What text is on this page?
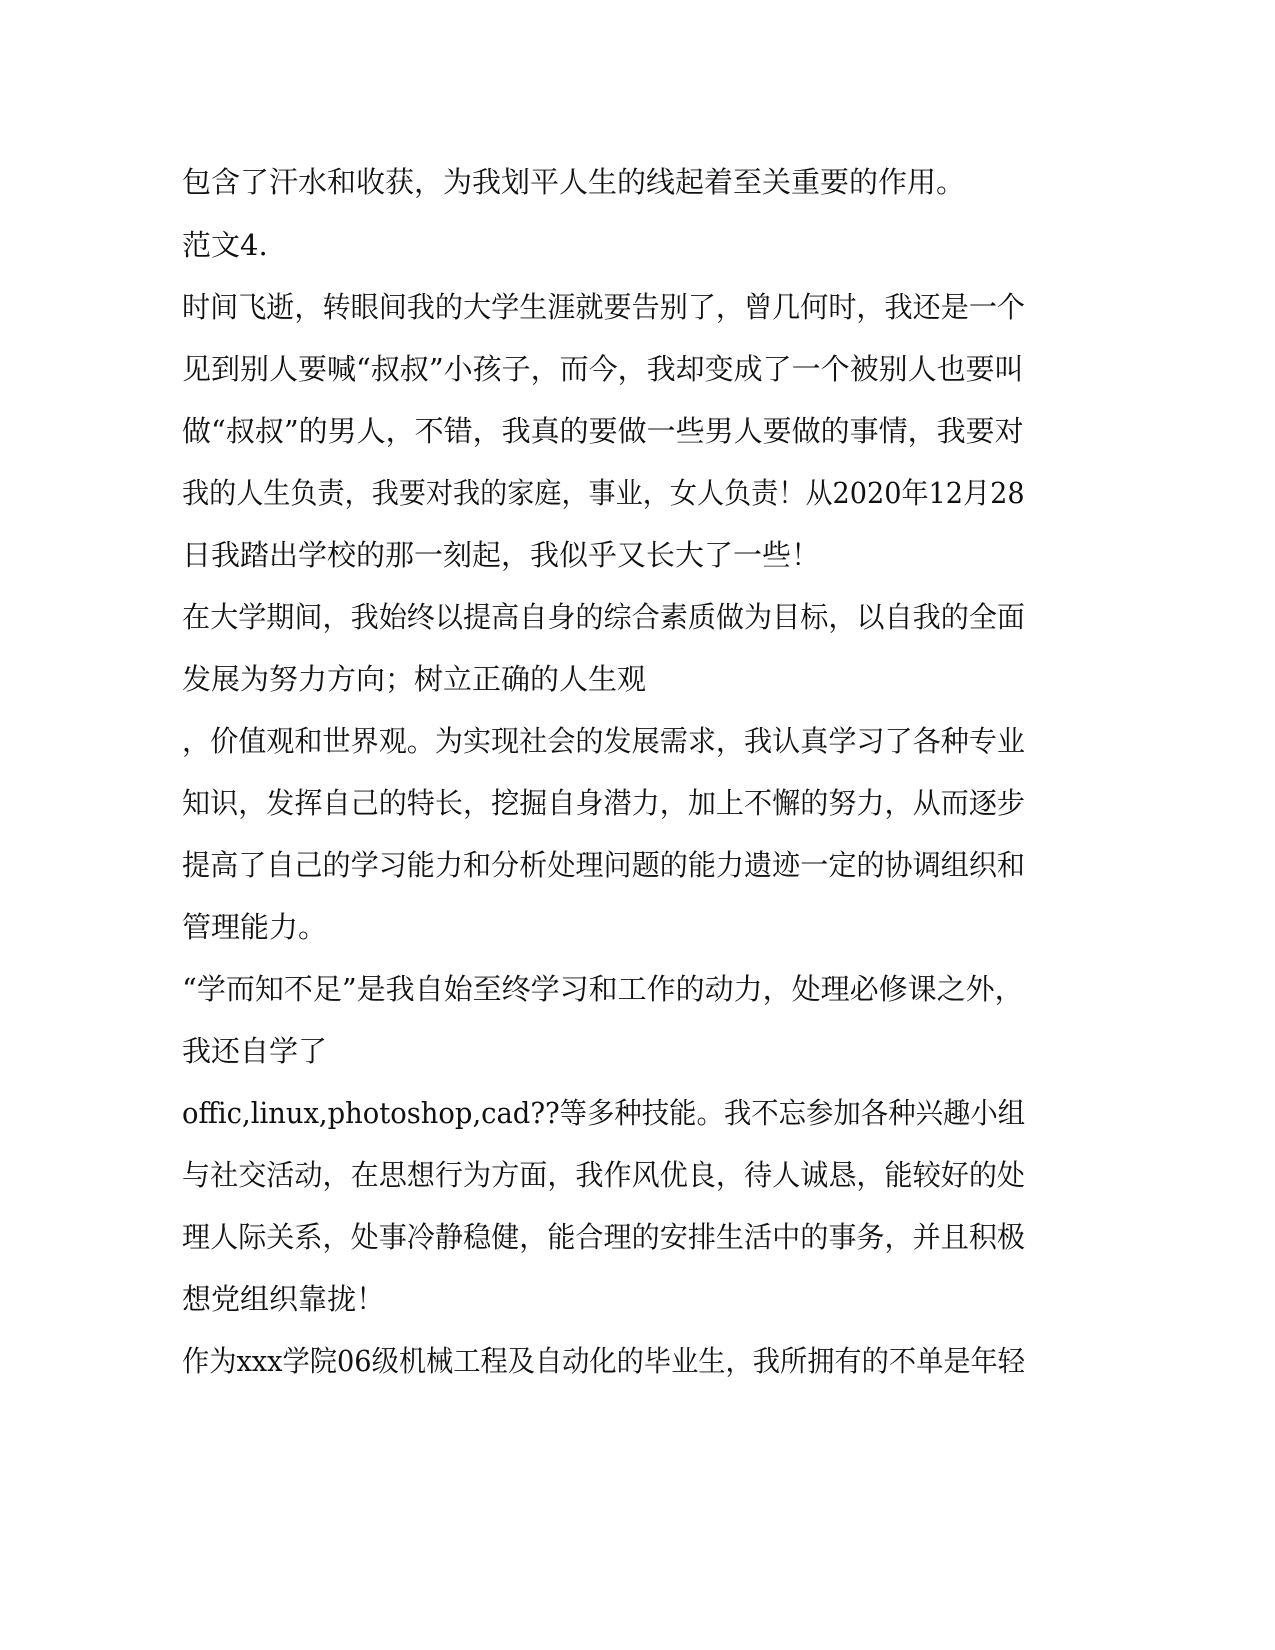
包含了汗水和收获，为我划平人生的线起着至关重要的作用。
范文4.
时间飞逝，转眼间我的大学生涯就要告别了，曾几何时，我还是一个
见到别人要喊“叔叔”小孩子，而今，我却变成了一个被别人也要叫
做“叔叔”的男人，不错，我真的要做一些男人要做的事情，我要对
我的人生负责，我要对我的家庭，事业，女人负责！从2020年12月28
日我踏出学校的那一刻起，我似乎又长大了一些！
在大学期间，我始终以提高自身的综合素质做为目标，以自我的全面
发展为努力方向；树立正确的人生观
，价值观和世界观。为实现社会的发展需求，我认真学习了各种专业
知识，发挥自己的特长，挖掘自身潜力，加上不懈的努力，从而逐步
提高了自己的学习能力和分析处理问题的能力遗迹一定的协调组织和
管理能力。
“学而知不足”是我自始至终学习和工作的动力，处理必修课之外，
我还自学了
offic,linux,photoshop,cad??等多种技能。我不忘参加各种兴趣小组
与社交活动，在思想行为方面，我作风优良，待人诚恳，能较好的处
理人际关系，处事冷静稳健，能合理的安排生活中的事务，并且积极
想党组织靠拢！
作为xxx学院06级机械工程及自动化的毕业生，我所拥有的不单是年轻
